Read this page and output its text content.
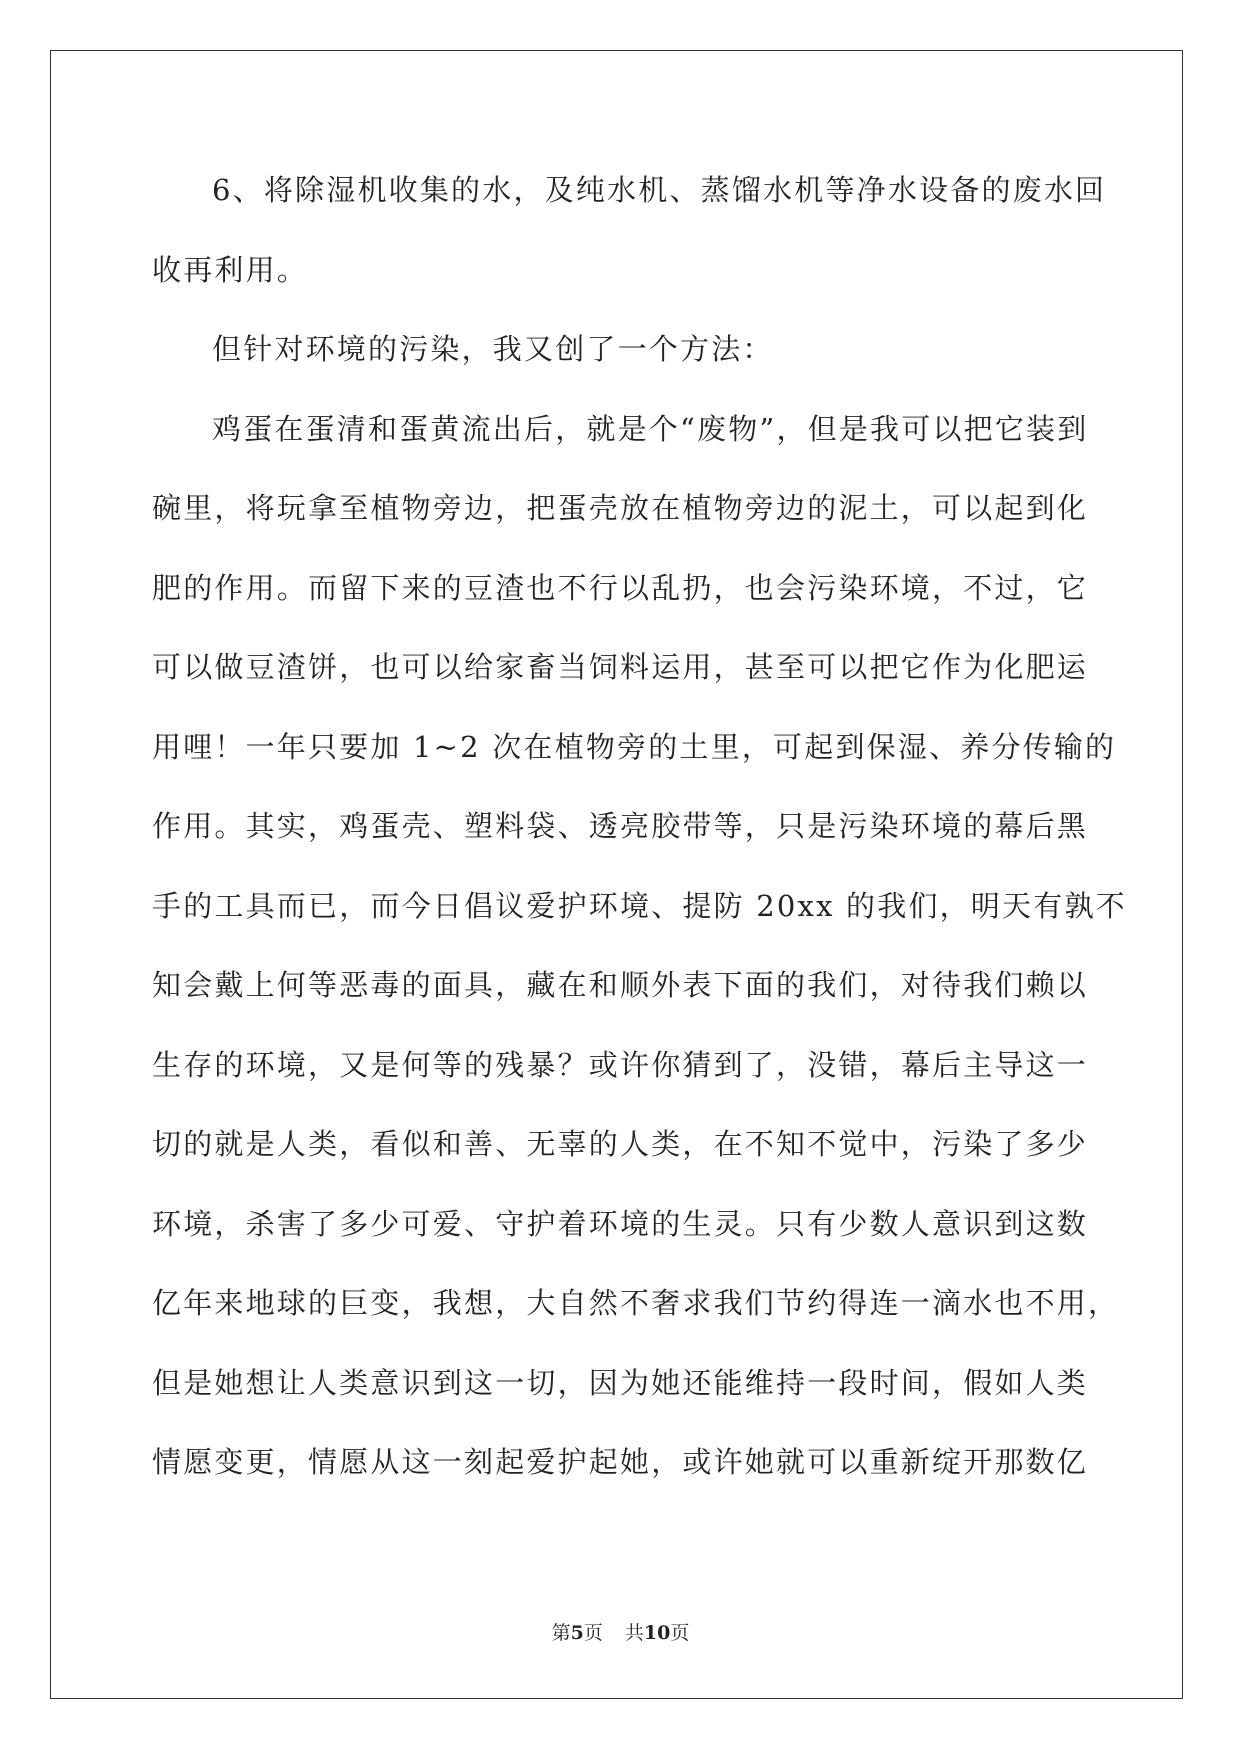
6、将除湿机收集的水，及纯水机、蒸馏水机等净水设备的废水回
收再利用。
但针对环境的污染，我又创了一个方法：
鸡蛋在蛋清和蛋黄流出后，就是个“废物”，但是我可以把它装到
碗里，将玩拿至植物旁边，把蛋壳放在植物旁边的泥土，可以起到化
肥的作用。而留下来的豆渣也不行以乱扔，也会污染环境，不过，它
可以做豆渣饼，也可以给家畜当饲料运用，甚至可以把它作为化肥运
用哩！一年只要加 1~2 次在植物旁的土里，可起到保湿、养分传输的
作用。其实，鸡蛋壳、塑料袋、透亮胶带等，只是污染环境的幕后黑
手的工具而已，而今日倡议爱护环境、提防 20xx 的我们，明天有孰不
知会戴上何等恶毒的面具，藏在和顺外表下面的我们，对待我们赖以
生存的环境，又是何等的残暴？或许你猜到了，没错，幕后主导这一
切的就是人类，看似和善、无辜的人类，在不知不觉中，污染了多少
环境，杀害了多少可爱、守护着环境的生灵。只有少数人意识到这数
亿年来地球的巨变，我想，大自然不奢求我们节约得连一滴水也不用，
但是她想让人类意识到这一切，因为她还能维持一段时间，假如人类
情愿变更，情愿从这一刻起爱护起她，或许她就可以重新绽开那数亿
第5页 共10页
